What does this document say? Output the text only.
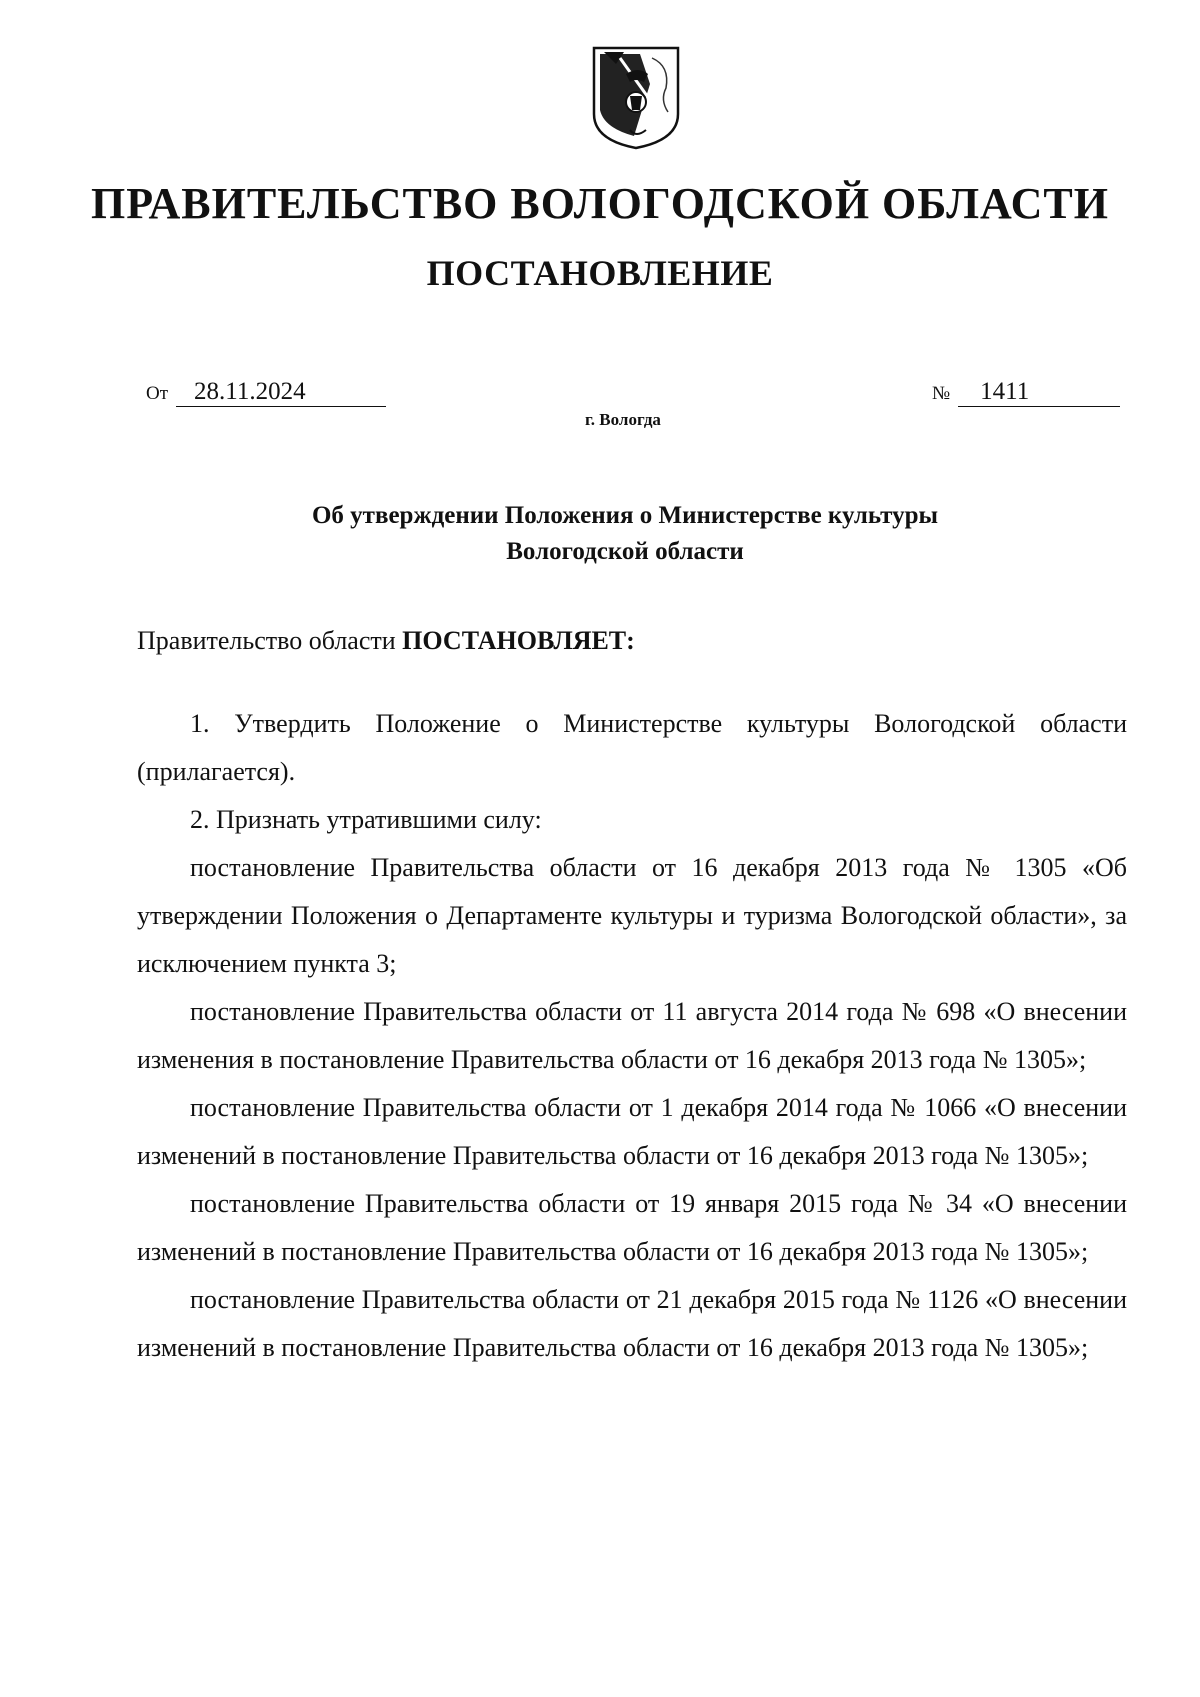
ПРАВИТЕЛЬСТВО ВОЛОГОДСКОЙ ОБЛАСТИ
ПОСТАНОВЛЕНИЕ
От	28.11.2024	№	1411
г. Вологда
Об утверждении Положения о Министерстве культуры
Вологодской области
Правительство области ПОСТАНОВЛЯЕТ:

1. Утвердить Положение о Министерстве культуры Вологодской области (прилагается).

2. Признать утратившими силу:

постановление Правительства области от 16 декабря 2013 года № 1305 «Об утверждении Положения о Департаменте культуры и туризма Вологодской области», за исключением пункта 3;

постановление Правительства области от 11 августа 2014 года № 698 «О внесении изменения в постановление Правительства области от 16 декабря 2013 года № 1305»;

постановление Правительства области от 1 декабря 2014 года № 1066 «О внесении изменений в постановление Правительства области от 16 декабря 2013 года № 1305»;

постановление Правительства области от 19 января 2015 года № 34 «О внесении изменений в постановление Правительства области от 16 декабря 2013 года № 1305»;

постановление Правительства области от 21 декабря 2015 года № 1126 «О внесении изменений в постановление Правительства области от 16 декабря 2013 года № 1305»;
